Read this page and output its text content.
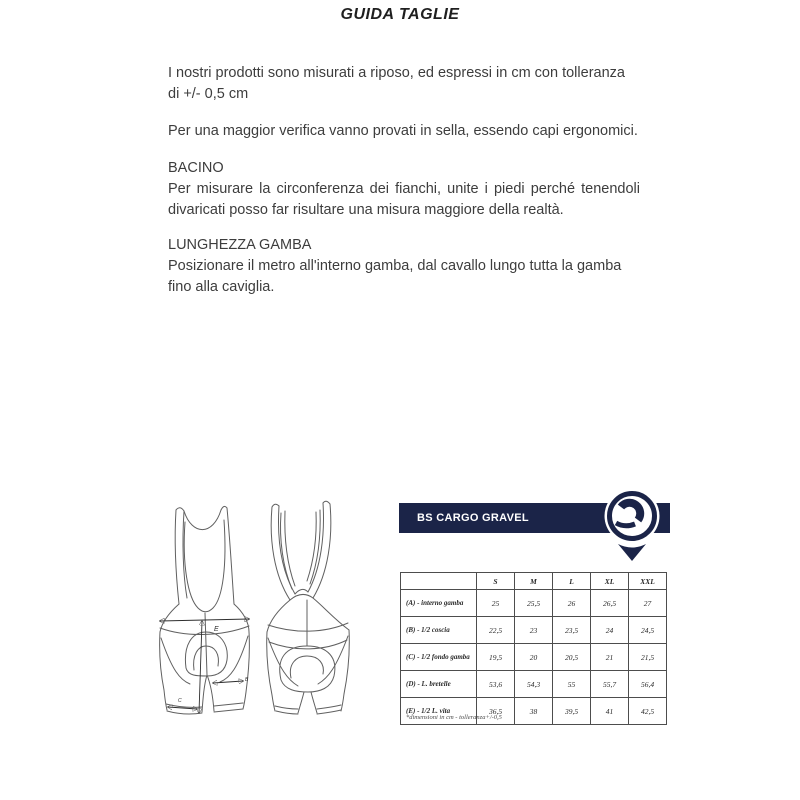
GUIDA TAGLIE

I nostri prodotti sono misurati a riposo, ed espressi in cm con tolleranza di +/- 0,5 cm

Per una maggior verifica vanno provati in sella, essendo capi ergonomici.

BACINO

Per misurare la circonferenza dei fianchi, unite i piedi perché tenendoli divaricati posso far risultare una misura maggiore della realtà.

LUNGHEZZA GAMBA

Posizionare il metro all'interno gamba, dal cavallo lungo tutta la gamba fino alla caviglia.

E
B
C
BS CARGO GRAVEL
	S	M	L	XL	XXL
(A) - interno gamba	25	25,5	26	26,5	27
(B) - 1/2 coscia	22,5	23	23,5	24	24,5
(C) - 1/2 fondo gamba	19,5	20	20,5	21	21,5
(D) - L. bretelle	53,6	54,3	55	55,7	56,4
(E) - 1/2 L. vita	36,5	38	39,5	41	42,5
*dimensioni in cm - tolleranza+/-0,5
